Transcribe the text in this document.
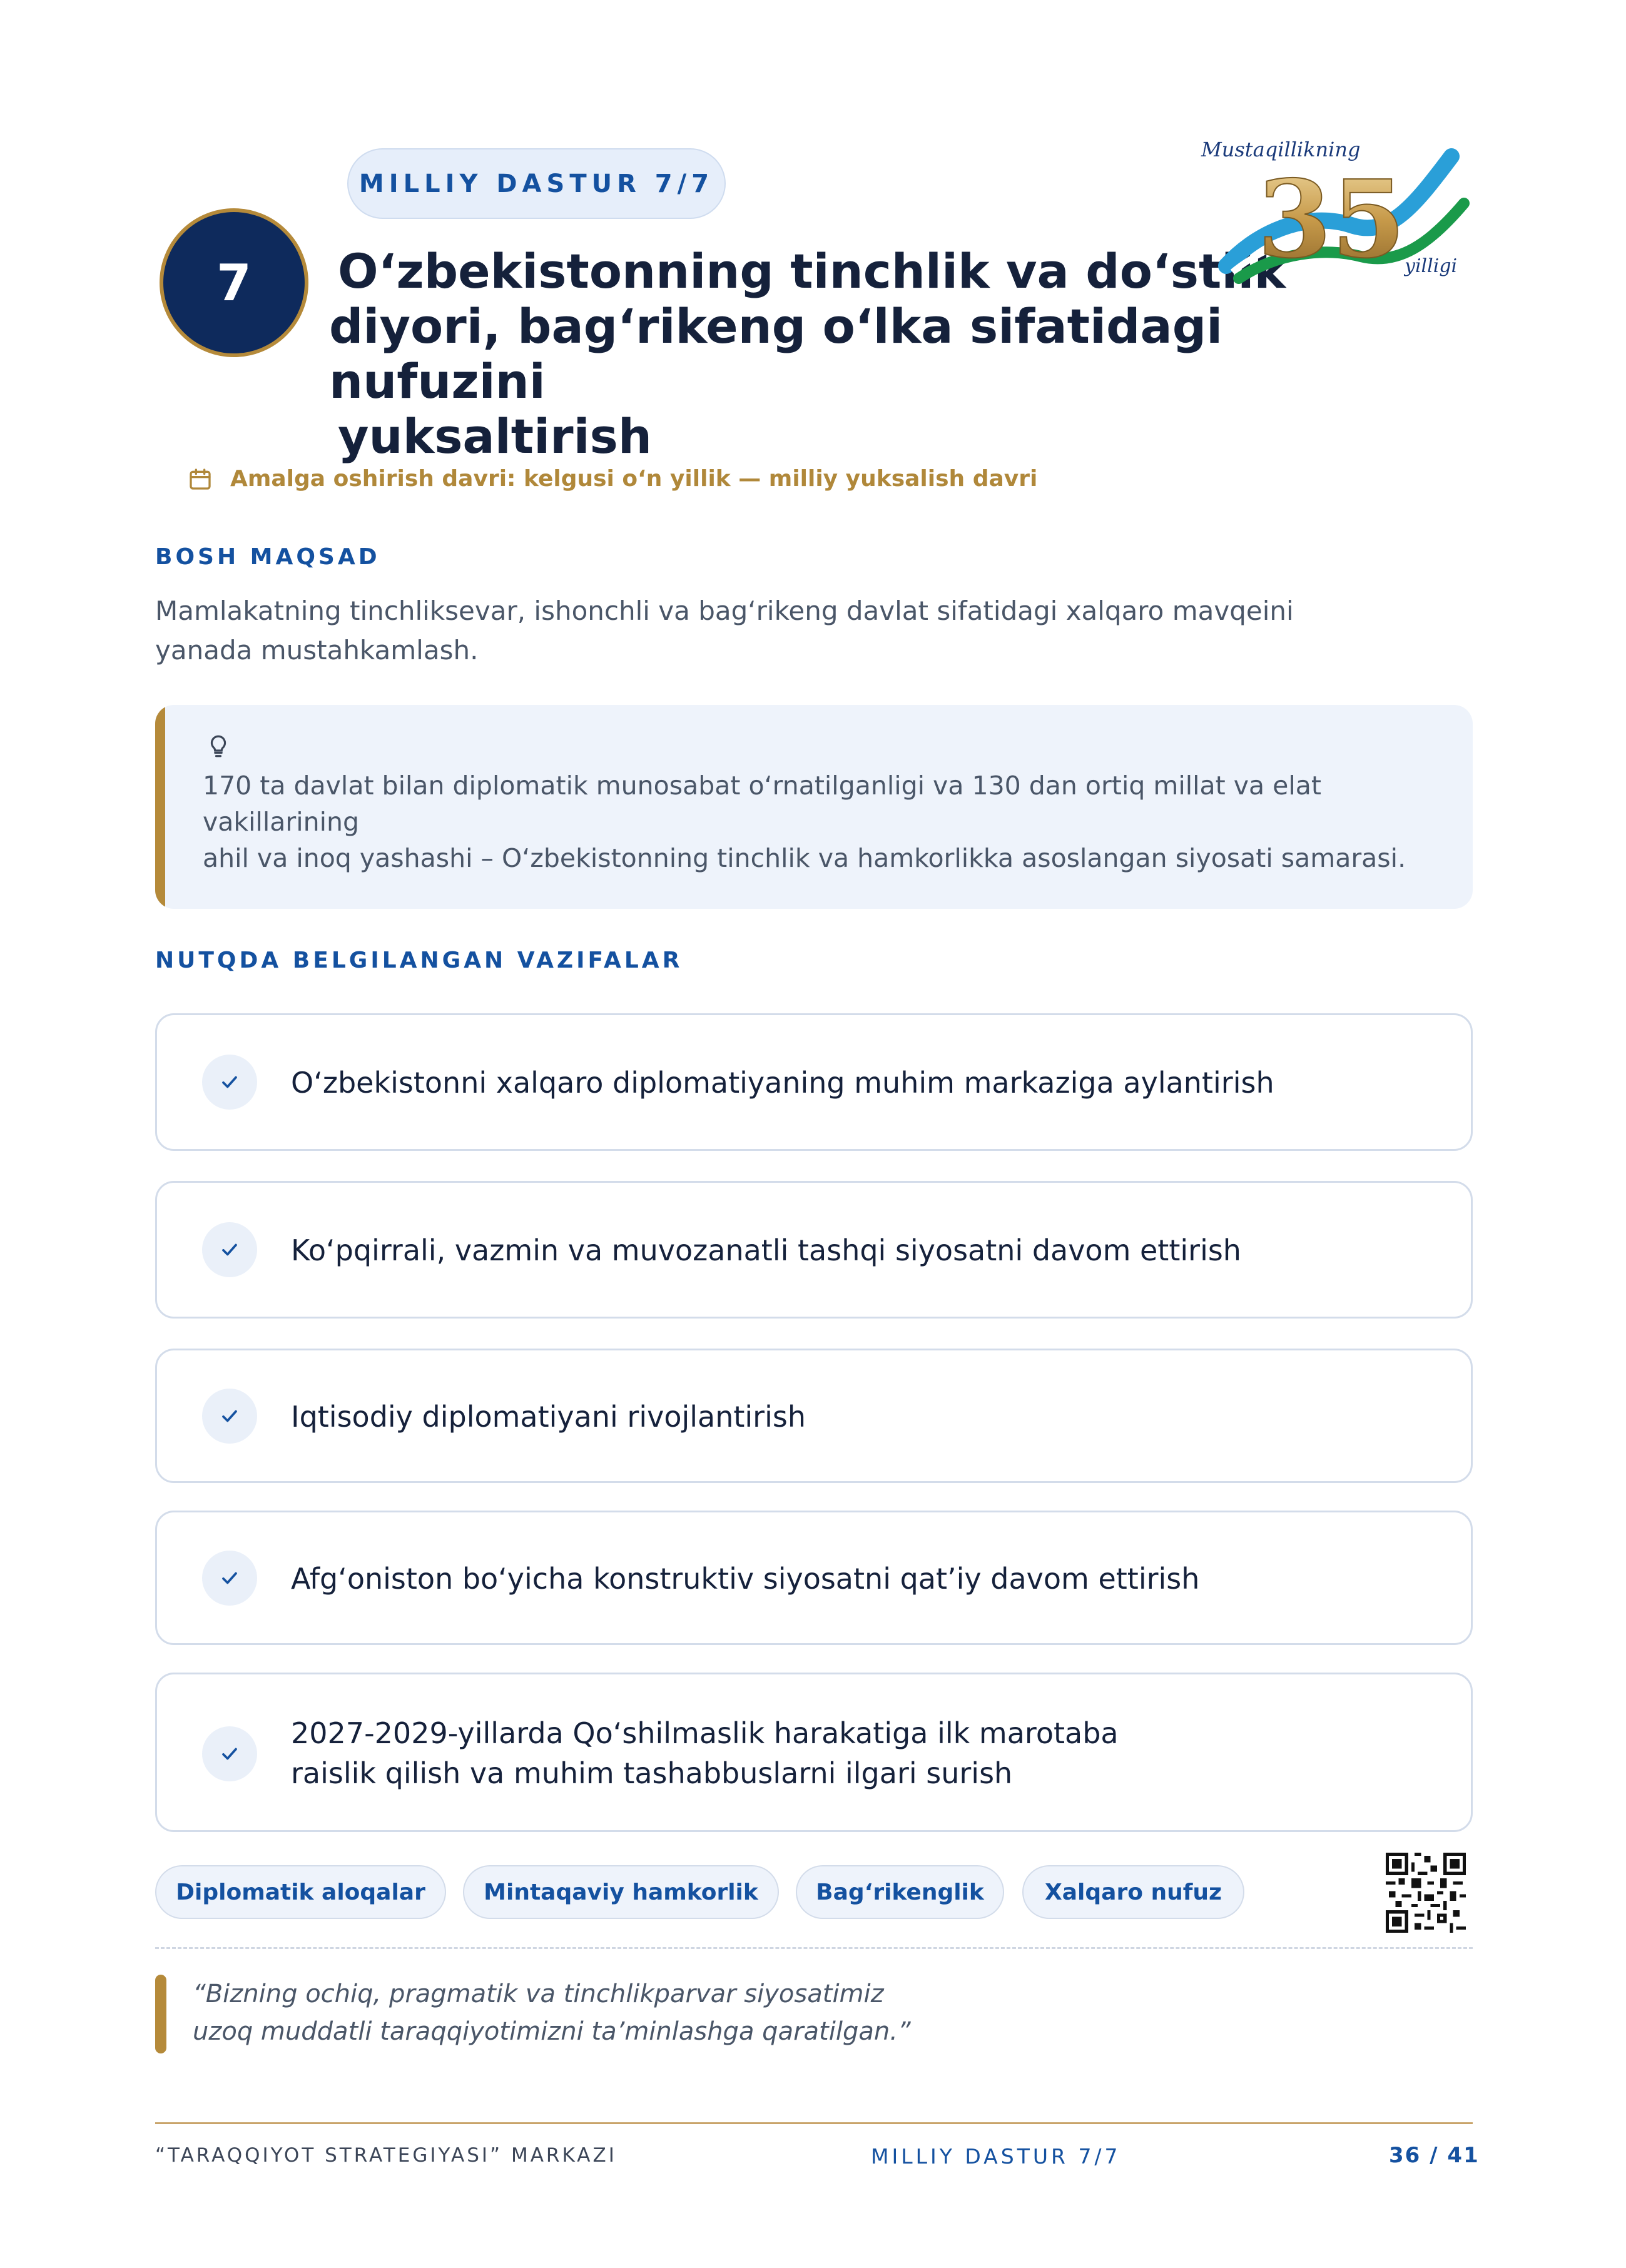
MILLIY DASTUR 7/7
7 O‘zbekistonning tinchlik va do‘stlik
diyori, bag‘rikeng o‘lka sifatidagi nufuzini
yuksaltirish
Mustaqillikning
35
yilligi
Amalga oshirish davri: kelgusi o‘n yillik — milliy yuksalish davri
BOSH MAQSAD
Mamlakatning tinchliksevar, ishonchli va bag‘rikeng davlat sifatidagi xalqaro mavqeini
yanada mustahkamlash.
170 ta davlat bilan diplomatik munosabat o‘rnatilganligi va 130 dan ortiq millat va elat vakillarining
ahil va inoq yashashi – O‘zbekistonning tinchlik va hamkorlikka asoslangan siyosati samarasi.
NUTQDA BELGILANGAN VAZIFALAR
O‘zbekistonni xalqaro diplomatiyaning muhim markaziga aylantirish
Ko‘pqirrali, vazmin va muvozanatli tashqi siyosatni davom ettirish
Iqtisodiy diplomatiyani rivojlantirish
Afg‘oniston bo‘yicha konstruktiv siyosatni qat’iy davom ettirish
2027-2029-yillarda Qo‘shilmaslik harakatiga ilk marotaba
raislik qilish va muhim tashabbuslarni ilgari surish
Diplomatik aloqalar	Mintaqaviy hamkorlik	Bag‘rikenglik	Xalqaro nufuz
“Bizning ochiq, pragmatik va tinchlikparvar siyosatimiz
uzoq muddatli taraqqiyotimizni ta’minlashga qaratilgan.”
“TARAQQIYOT STRATEGIYASI” MARKAZI	MILLIY DASTUR 7/7	36 / 41
